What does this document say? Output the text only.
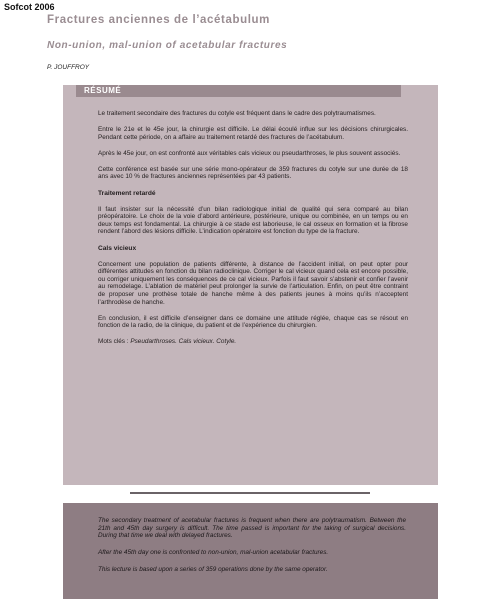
Sofcot 2006
Fractures anciennes de l’acétabulum
Non-union, mal-union of acetabular fractures
P. JOUFFROY
RÉSUMÉ

Le traitement secondaire des fractures du cotyle est fréquent dans le cadre des polytraumatismes.

Entre le 21e et le 45e jour, la chirurgie est difficile. Le délai écoulé influe sur les décisions chirurgicales. Pendant cette période, on a affaire au traitement retardé des fractures de l’acétabulum.

Après le 45e jour, on est confronté aux véritables cals vicieux ou pseudarthroses, le plus souvent associés.

Cette conférence est basée sur une série mono-opérateur de 359 fractures du cotyle sur une durée de 18 ans avec 10 % de fractures anciennes représentées par 43 patients.

Traitement retardé

Il faut insister sur la nécessité d’un bilan radiologique initial de qualité qui sera comparé au bilan préopératoire. Le choix de la voie d’abord antérieure, postérieure, unique ou combinée, en un temps ou en deux temps est fondamental. La chirurgie à ce stade est laborieuse, le cal osseux en formation et la fibrose rendent l’abord des lésions difficile. L’indication opératoire est fonction du type de la fracture.

Cals vicieux

Concernent une population de patients différente, à distance de l’accident initial, on peut opter pour différentes attitudes en fonction du bilan radioclinique. Corriger le cal vicieux quand cela est encore possible, ou corriger uniquement les conséquences de ce cal vicieux. Parfois il faut savoir s’abstenir et confier l’avenir au remodelage. L’ablation de matériel peut prolonger la survie de l’articulation. Enfin, on peut être contraint de proposer une prothèse totale de hanche même à des patients jeunes à moins qu’ils n’acceptent l’arthrodèse de hanche.

En conclusion, il est difficile d’enseigner dans ce domaine une attitude réglée, chaque cas se résout en fonction de la radio, de la clinique, du patient et de l’expérience du chirurgien.

Mots clés : Pseudarthroses. Cals vicieux. Cotyle.

The secondary treatment of acetabular fractures is frequent when there are polytraumatism. Between the 21th and 45th day surgery is difficult. The time passed is important for the taking of surgical decisions. During that time we deal with delayed fractures.

After the 45th day one is confronted to non-union, mal-union acetabular fractures.

This lecture is based upon a series of 359 operations done by the same operator.
